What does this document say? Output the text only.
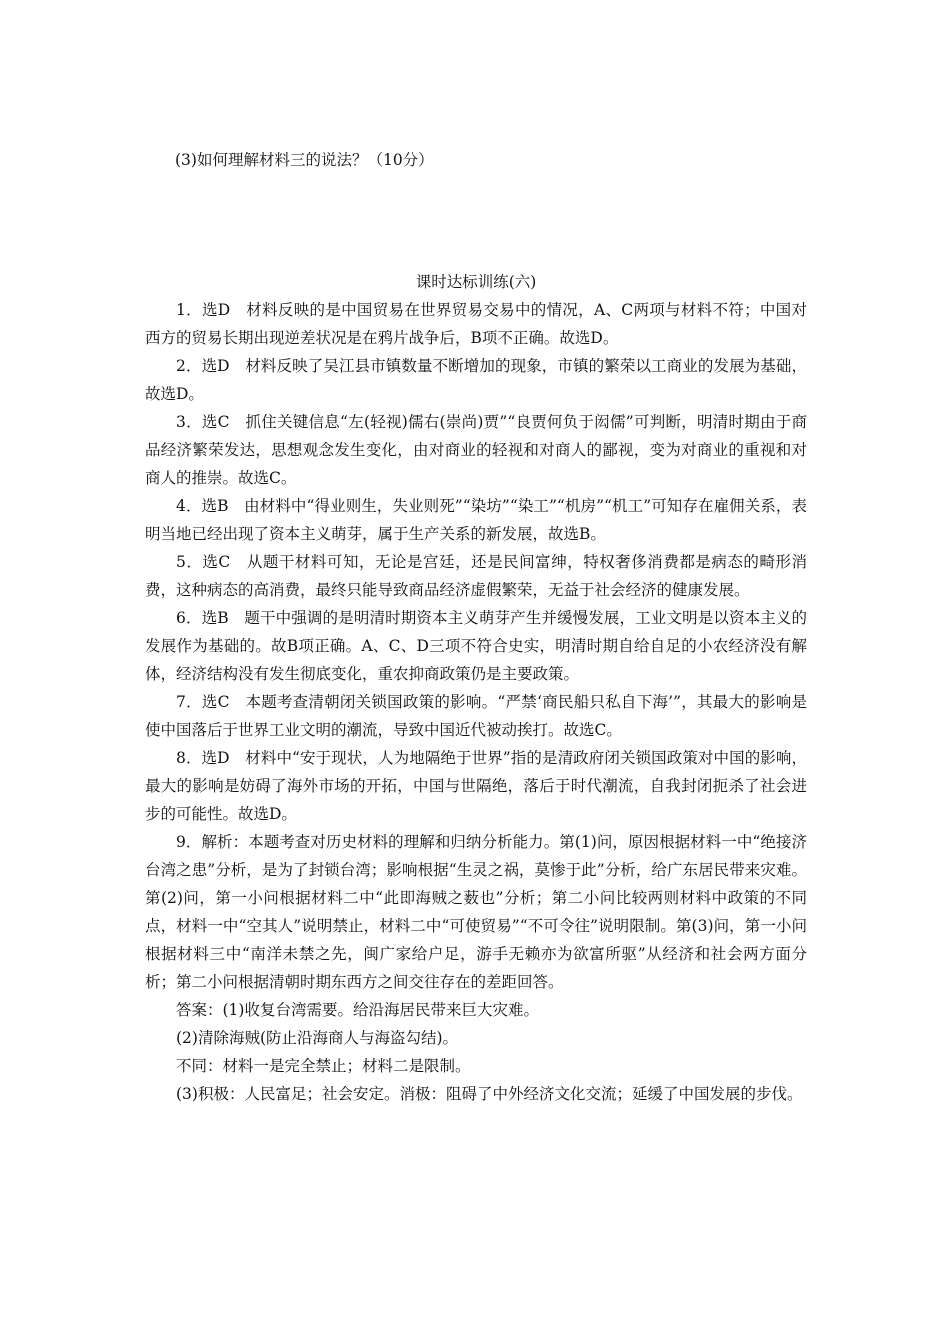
(3)如何理解材料三的说法？（10分）

课时达标训练(六)

1．选D　材料反映的是中国贸易在世界贸易交易中的情况，A、C两项与材料不符；中国对西方的贸易长期出现逆差状况是在鸦片战争后，B项不正确。故选D。

2．选D　材料反映了吴江县市镇数量不断增加的现象，市镇的繁荣以工商业的发展为基础，故选D。

3．选C　抓住关键信息“左(轻视)儒右(崇尚)贾”“良贾何负于闳儒”可判断，明清时期由于商品经济繁荣发达，思想观念发生变化，由对商业的轻视和对商人的鄙视，变为对商业的重视和对商人的推崇。故选C。

4．选B　由材料中“得业则生，失业则死”“染坊”“染工”“机房”“机工”可知存在雇佣关系，表明当地已经出现了资本主义萌芽，属于生产关系的新发展，故选B。

5．选C　从题干材料可知，无论是宫廷，还是民间富绅，特权奢侈消费都是病态的畸形消费，这种病态的高消费，最终只能导致商品经济虚假繁荣，无益于社会经济的健康发展。

6．选B　题干中强调的是明清时期资本主义萌芽产生并缓慢发展，工业文明是以资本主义的发展作为基础的。故B项正确。A、C、D三项不符合史实，明清时期自给自足的小农经济没有解体，经济结构没有发生彻底变化，重农抑商政策仍是主要政策。

7．选C　本题考查清朝闭关锁国政策的影响。“严禁‘商民船只私自下海’”，其最大的影响是使中国落后于世界工业文明的潮流，导致中国近代被动挨打。故选C。

8．选D　材料中“安于现状，人为地隔绝于世界”指的是清政府闭关锁国政策对中国的影响，最大的影响是妨碍了海外市场的开拓，中国与世隔绝，落后于时代潮流，自我封闭扼杀了社会进步的可能性。故选D。

9．解析：本题考查对历史材料的理解和归纳分析能力。第(1)问，原因根据材料一中“绝接济台湾之患”分析，是为了封锁台湾；影响根据“生灵之祸，莫惨于此”分析，给广东居民带来灾难。第(2)问，第一小问根据材料二中“此即海贼之薮也”分析；第二小问比较两则材料中政策的不同点，材料一中“空其人”说明禁止，材料二中“可使贸易”“不可令往”说明限制。第(3)问，第一小问根据材料三中“南洋未禁之先，闽广家给户足，游手无赖亦为欲富所驱”从经济和社会两方面分析；第二小问根据清朝时期东西方之间交往存在的差距回答。

答案：(1)收复台湾需要。给沿海居民带来巨大灾难。

(2)清除海贼(防止沿海商人与海盗勾结)。

不同：材料一是完全禁止；材料二是限制。

(3)积极：人民富足；社会安定。消极：阻碍了中外经济文化交流；延缓了中国发展的步伐。
